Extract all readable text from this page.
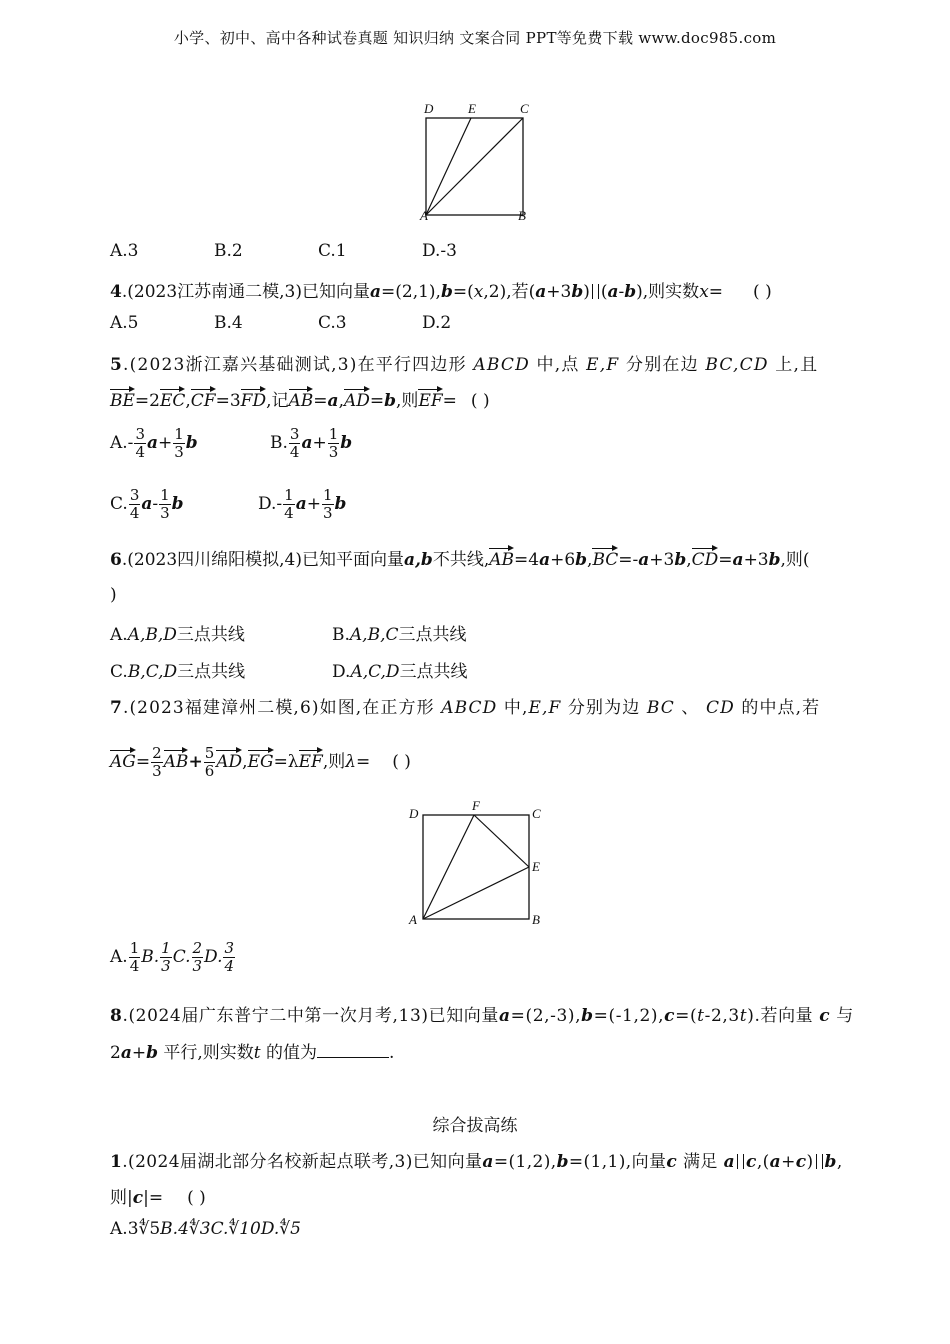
小学、初中、高中各种试卷真题 知识归纳 文案合同 PPT等免费下载 www.doc985.com
D	E	C
A	B
A.3	B.2	C.1	D.-3
4.(2023江苏南通二模,3)已知向量a=(2,1),b=(x,2),若(a+3b) (a-b),则实数x= ( )
A.5	B.4	C.3	D.2
5.(2023浙江嘉兴基础测试,3)在平行四边形 ABCD 中,点 E,F 分别在边 BC,CD 上,且
BE=2EC,CF=3FD,记AB=a,AD=b,则EF= ( )
$A.- \frac{3}{4} a+ \frac{1}{3}$ b	B. $\frac{3}{4} a+ \frac{1}{3}$ b
C. $\frac{3}{4} a- \frac{1}{3}$ b	$D.- \frac{1}{4} a+ \frac{1}{3}$ b
6.(2023四川绵阳模拟,4)已知平面向量a,b不共线,AB=4a+6b,BC=-a+3b,CD=a+3b,则(
)
A.A,B,D三点共线	B.A,B,C三点共线
C.B,C,D三点共线	D.A,C,D三点共线
7.(2023福建漳州二模,6)如图,在正方形 ABCD 中,E,F 分别为边 BC 、 CD 的中点,若
$AG= \frac{2}{3} AB+ \frac{5}{6} AD,EG=\lambda EF$,则λ= ( )
D
F
C
E
A	B
A. $\frac{1}{4} B$. $\frac{1}{3} C$. $\frac{2}{3} D$. $\frac{3}{4}$
8.(2024届广东普宁二中第一次月考,13)已知向量a=(2,-3),b=(-1,2),c=(t-2,3t).若向量 c 与
2a+b 平行,则实数t 的值为	.
综合拔高练
1.(2024届湖北部分名校新起点联考,3)已知向量a=(1,2),b=(1,1),向量c 满足 a c,(a+c) b,
则|c|= ( )
A.3∜5B.4∜3C.∜10D.∜5
